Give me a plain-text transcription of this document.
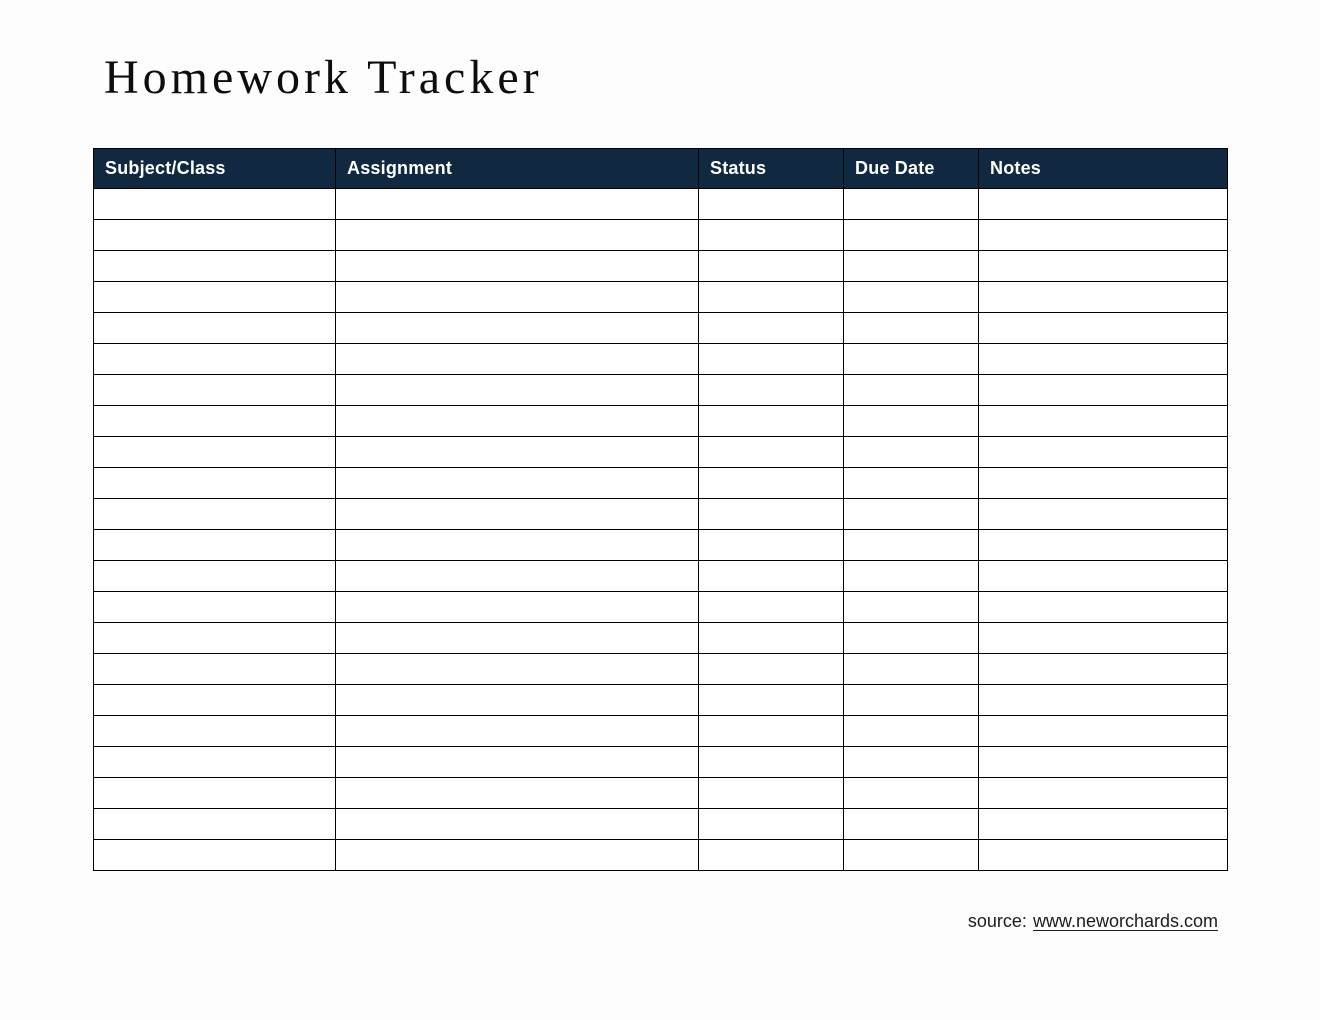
Homework Tracker
Subject/Class	Assignment	Status	Due Date	Notes

source: www.neworchards.com
